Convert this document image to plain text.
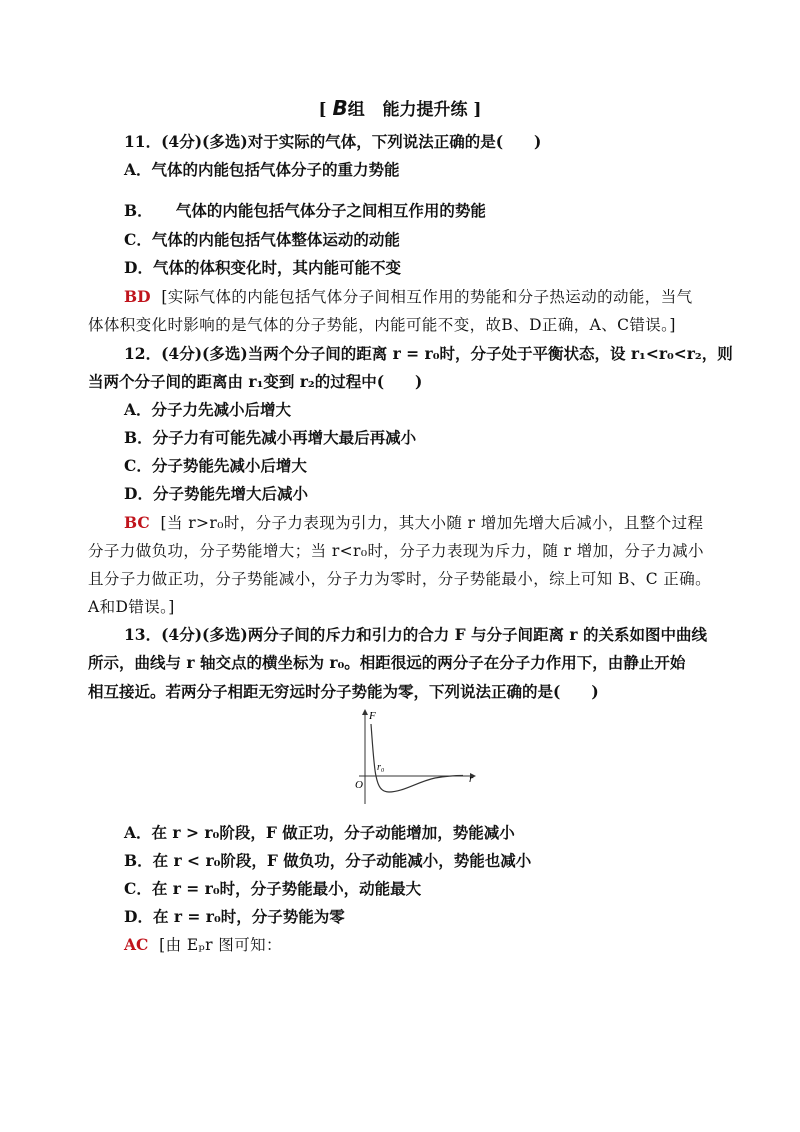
[ B组 能力提升练 ]
11．(4分)(多选)对于实际的气体，下列说法正确的是(　　)
A．气体的内能包括气体分子的重力势能
B．　　气体的内能包括气体分子之间相互作用的势能
C．气体的内能包括气体整体运动的动能
D．气体的体积变化时，其内能可能不变
BD [实际气体的内能包括气体分子间相互作用的势能和分子热运动的动能，当气
体体积变化时影响的是气体的分子势能，内能可能不变，故B、D正确，A、C错误。]
12．(4分)(多选)当两个分子间的距离 r = r₀时，分子处于平衡状态，设 r₁<r₀<r₂，则
当两个分子间的距离由 r₁变到 r₂的过程中(　　)
A．分子力先减小后增大
B．分子力有可能先减小再增大最后再减小
C．分子势能先减小后增大
D．分子势能先增大后减小
BC [当 r>r₀时，分子力表现为引力，其大小随 r 增加先增大后减小，且整个过程
分子力做负功，分子势能增大；当 r<r₀时，分子力表现为斥力，随 r 增加，分子力减小
且分子力做正功，分子势能减小，分子力为零时，分子势能最小，综上可知 B、C 正确。
A和D错误。]
13．(4分)(多选)两分子间的斥力和引力的合力 F 与分子间距离 r 的关系如图中曲线
所示，曲线与 r 轴交点的横坐标为 r₀。相距很远的两分子在分子力作用下，由静止开始
相互接近。若两分子相距无穷远时分子势能为零，下列说法正确的是(　　)
F
r
O
r₀
A．在 r > r₀阶段，F 做正功，分子动能增加，势能减小
B．在 r < r₀阶段，F 做负功，分子动能减小，势能也减小
C．在 r = r₀时，分子势能最小，动能最大
D．在 r = r₀时，分子势能为零
AC [由 Eₚr 图可知：
